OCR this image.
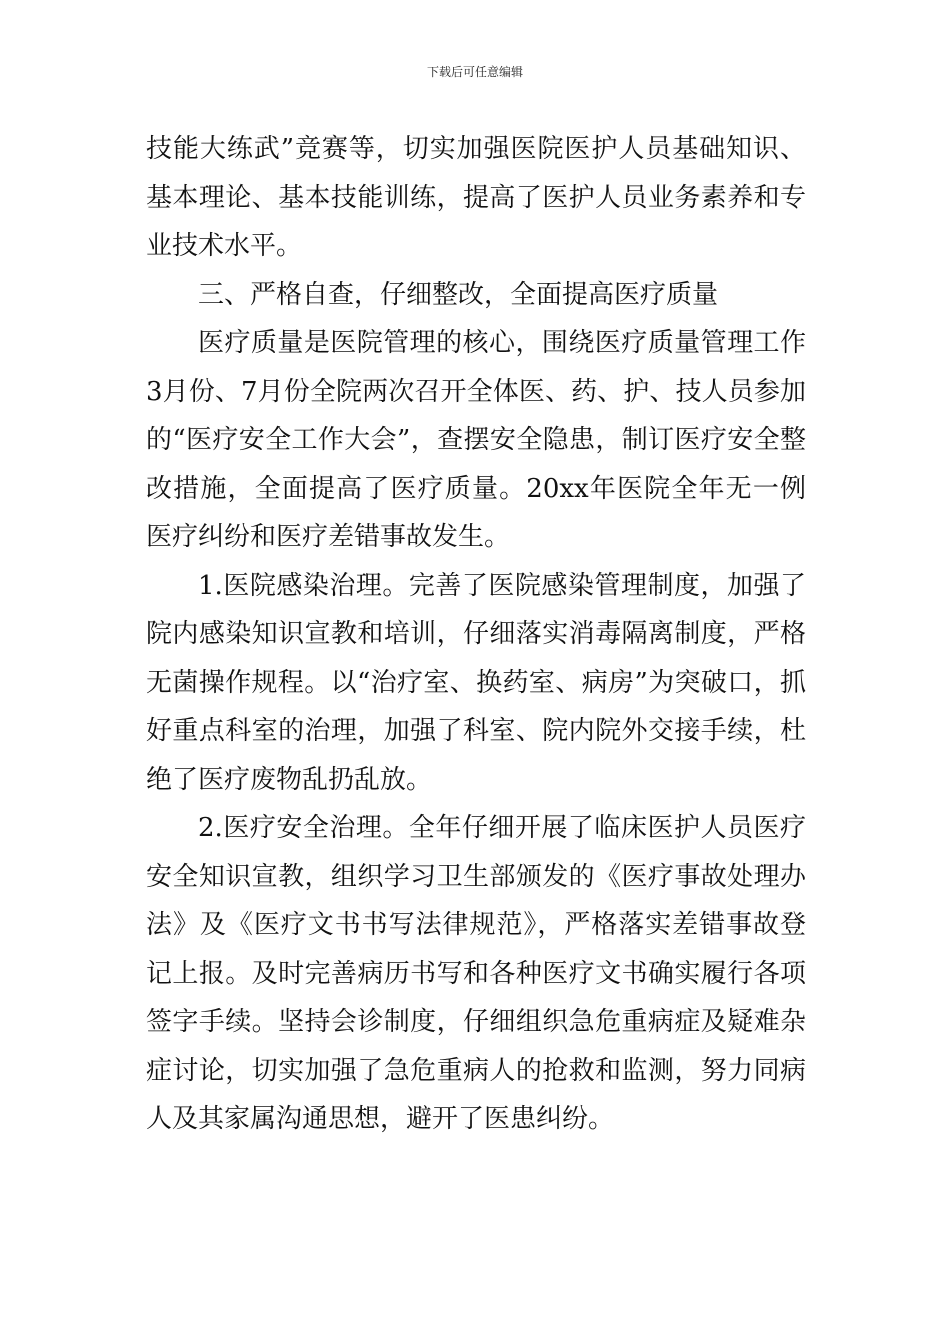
下载后可任意编辑

技能大练武”竞赛等，切实加强医院医护人员基础知识、基本理论、基本技能训练，提高了医护人员业务素养和专业技术水平。

三、严格自查，仔细整改，全面提高医疗质量

医疗质量是医院管理的核心，围绕医疗质量管理工作3月份、7月份全院两次召开全体医、药、护、技人员参加的“医疗安全工作大会”，查摆安全隐患，制订医疗安全整改措施，全面提高了医疗质量。20xx年医院全年无一例医疗纠纷和医疗差错事故发生。

1.医院感染治理。完善了医院感染管理制度，加强了院内感染知识宣教和培训，仔细落实消毒隔离制度，严格无菌操作规程。以“治疗室、换药室、病房”为突破口，抓好重点科室的治理，加强了科室、院内院外交接手续，杜绝了医疗废物乱扔乱放。

2.医疗安全治理。全年仔细开展了临床医护人员医疗安全知识宣教，组织学习卫生部颁发的《医疗事故处理办法》及《医疗文书书写法律规范》，严格落实差错事故登记上报。及时完善病历书写和各种医疗文书确实履行各项签字手续。坚持会诊制度，仔细组织急危重病症及疑难杂症讨论，切实加强了急危重病人的抢救和监测，努力同病人及其家属沟通思想，避开了医患纠纷。
